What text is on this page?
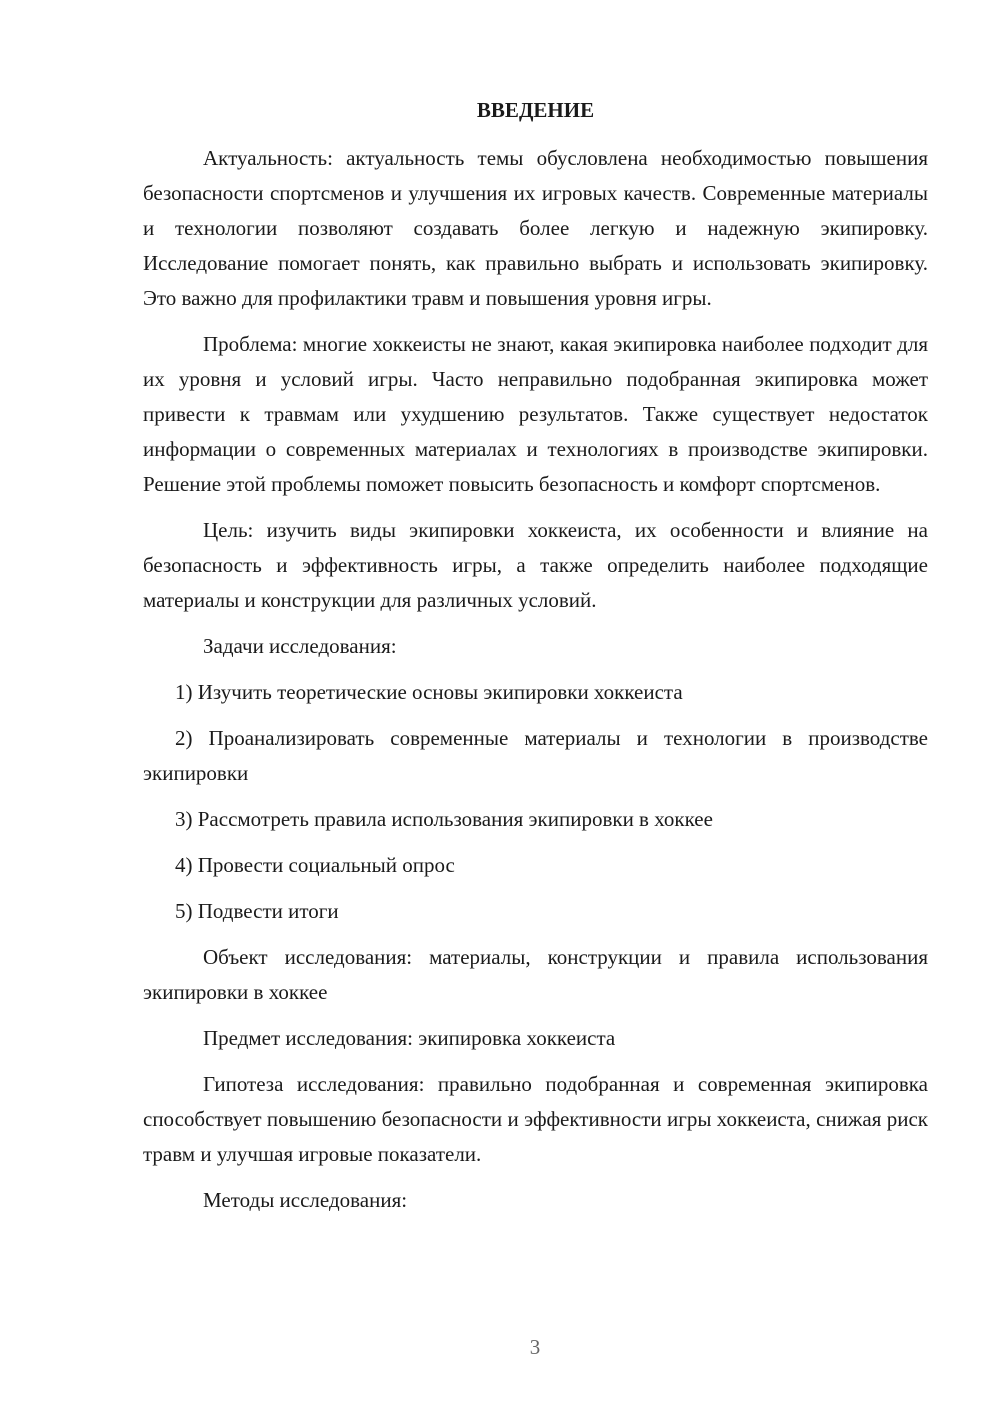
ВВЕДЕНИЕ

Актуальность: актуальность темы обусловлена необходимостью повышения безопасности спортсменов и улучшения их игровых качеств. Современные материалы и технологии позволяют создавать более легкую и надежную экипировку. Исследование помогает понять, как правильно выбрать и использовать экипировку. Это важно для профилактики травм и повышения уровня игры.

Проблема: многие хоккеисты не знают, какая экипировка наиболее подходит для их уровня и условий игры. Часто неправильно подобранная экипировка может привести к травмам или ухудшению результатов. Также существует недостаток информации о современных материалах и технологиях в производстве экипировки. Решение этой проблемы поможет повысить безопасность и комфорт спортсменов.

Цель: изучить виды экипировки хоккеиста, их особенности и влияние на безопасность и эффективность игры, а также определить наиболее подходящие материалы и конструкции для различных условий.

Задачи исследования:

1) Изучить теоретические основы экипировки хоккеиста

2) Проанализировать современные материалы и технологии в производстве экипировки

3) Рассмотреть правила использования экипировки в хоккее

4) Провести социальный опрос

5) Подвести итоги

Объект исследования: материалы, конструкции и правила использования экипировки в хоккее

Предмет исследования: экипировка хоккеиста

Гипотеза исследования: правильно подобранная и современная экипировка способствует повышению безопасности и эффективности игры хоккеиста, снижая риск травм и улучшая игровые показатели.

Методы исследования:

3
